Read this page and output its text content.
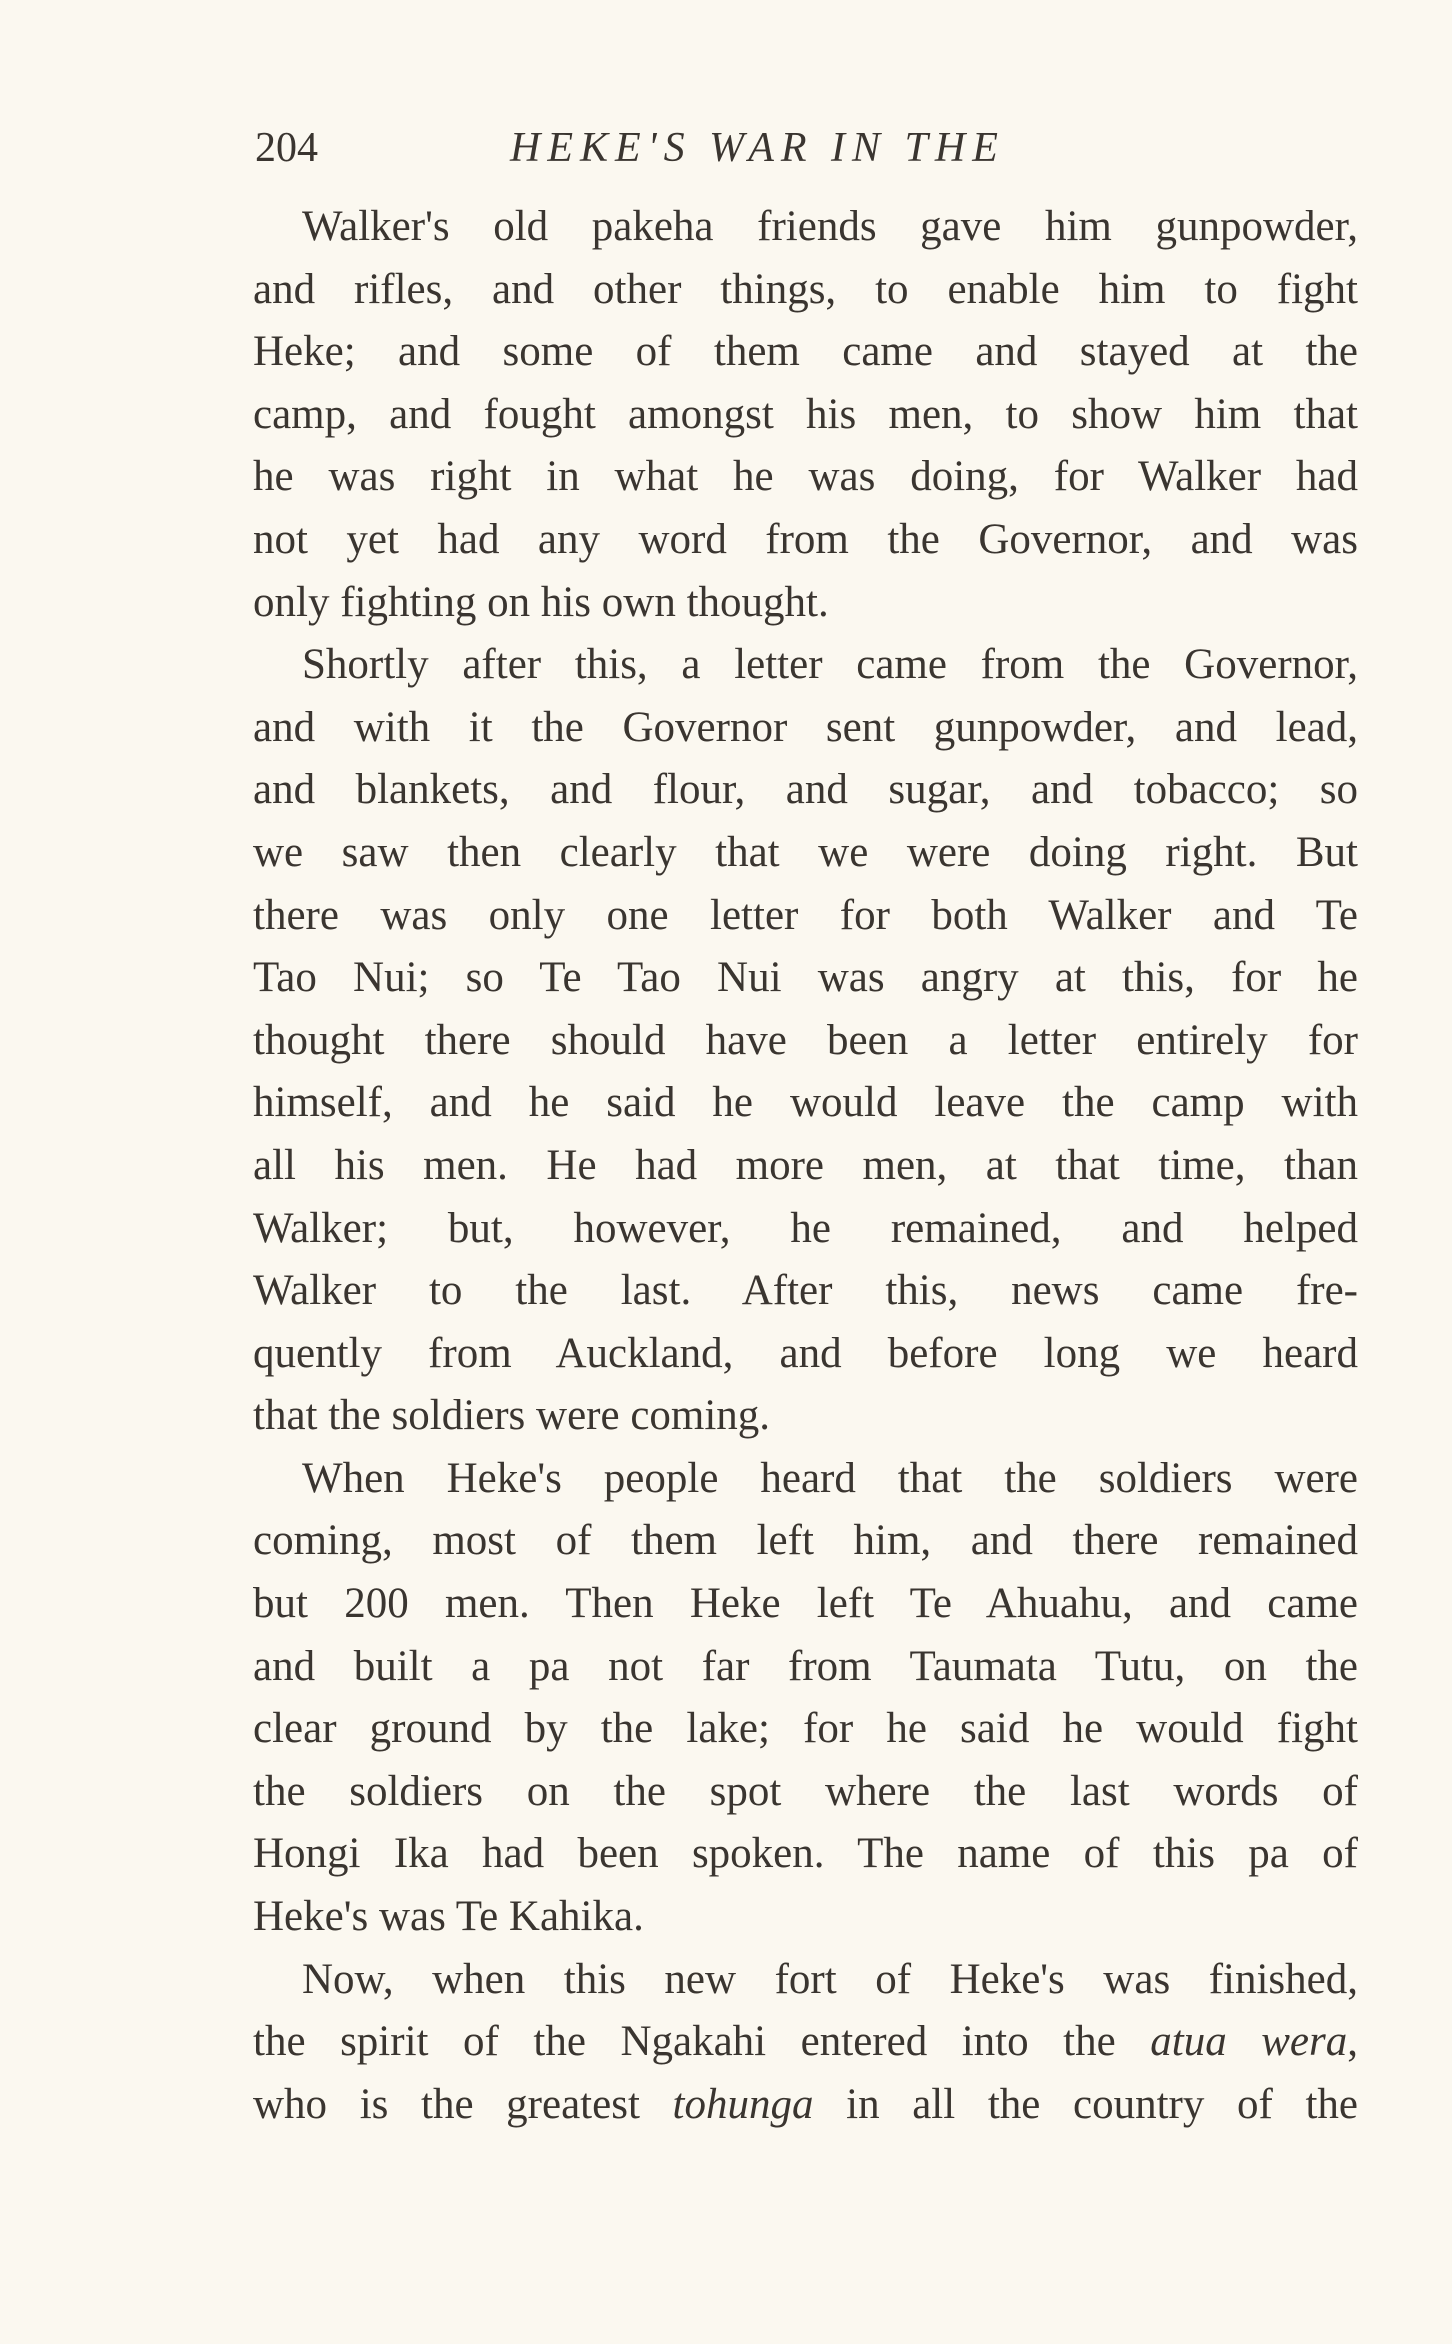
204	HEKE'S WAR IN THE
Walker's old pakeha friends gave him gunpowder,
and rifles, and other things, to enable him to fight
Heke; and some of them came and stayed at the
camp, and fought amongst his men, to show him that
he was right in what he was doing, for Walker had
not yet had any word from the Governor, and was
only fighting on his own thought.
Shortly after this, a letter came from the Governor,
and with it the Governor sent gunpowder, and lead,
and blankets, and flour, and sugar, and tobacco; so
we saw then clearly that we were doing right. But
there was only one letter for both Walker and Te
Tao Nui; so Te Tao Nui was angry at this, for he
thought there should have been a letter entirely for
himself, and he said he would leave the camp with
all his men. He had more men, at that time, than
Walker; but, however, he remained, and helped
Walker to the last. After this, news came fre-
quently from Auckland, and before long we heard
that the soldiers were coming.
When Heke's people heard that the soldiers were
coming, most of them left him, and there remained
but 200 men. Then Heke left Te Ahuahu, and came
and built a pa not far from Taumata Tutu, on the
clear ground by the lake; for he said he would fight
the soldiers on the spot where the last words of
Hongi Ika had been spoken. The name of this pa of
Heke's was Te Kahika.
Now, when this new fort of Heke's was finished,
the spirit of the Ngakahi entered into the atua wera,
who is the greatest tohunga in all the country of the
